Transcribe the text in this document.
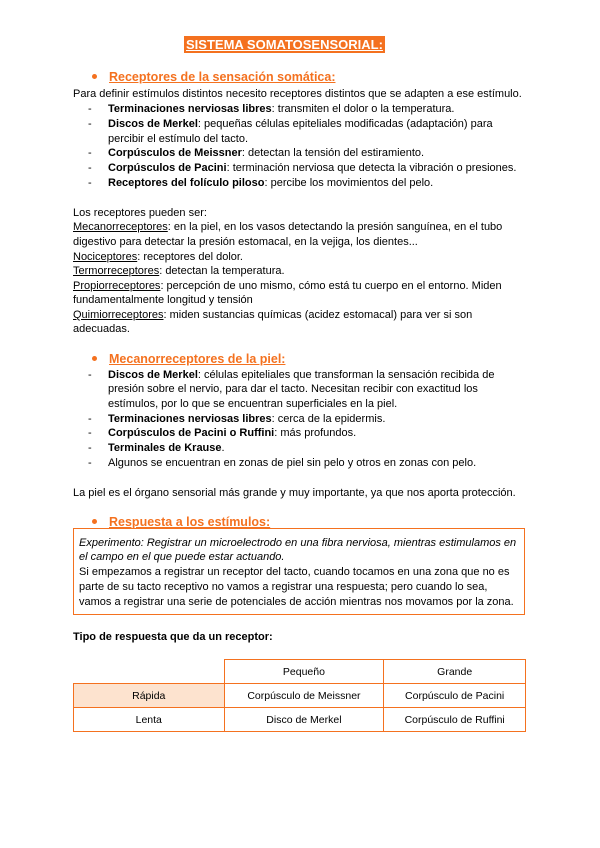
SISTEMA SOMATOSENSORIAL:
Receptores de la sensación somática:
Para definir estímulos distintos necesito receptores distintos que se adapten a ese estímulo.
- Terminaciones nerviosas libres: transmiten el dolor o la temperatura.
- Discos de Merkel: pequeñas células epiteliales modificadas (adaptación) para
percibir el estímulo del tacto.
- Corpúsculos de Meissner: detectan la tensión del estiramiento.
- Corpúsculos de Pacini: terminación nerviosa que detecta la vibración o presiones.
- Receptores del folículo piloso: percibe los movimientos del pelo.
Los receptores pueden ser:
Mecanorreceptores: en la piel, en los vasos detectando la presión sanguínea, en el tubo
digestivo para detectar la presión estomacal, en la vejiga, los dientes...
Nociceptores: receptores del dolor.
Termorreceptores: detectan la temperatura.
Propiorreceptores: percepción de uno mismo, cómo está tu cuerpo en el entorno. Miden
fundamentalmente longitud y tensión
Quimiorreceptores: miden sustancias químicas (acidez estomacal) para ver si son
adecuadas.
Mecanorreceptores de la piel:
- Discos de Merkel: células epiteliales que transforman la sensación recibida de
presión sobre el nervio, para dar el tacto. Necesitan recibir con exactitud los
estímulos, por lo que se encuentran superficiales en la piel.
- Terminaciones nerviosas libres: cerca de la epidermis.
- Corpúsculos de Pacini o Ruffini: más profundos.
- Terminales de Krause.
- Algunos se encuentran en zonas de piel sin pelo y otros en zonas con pelo.
La piel es el órgano sensorial más grande y muy importante, ya que nos aporta protección.
Respuesta a los estímulos:
Experimento: Registrar un microelectrodo en una fibra nerviosa, mientras estimulamos en
el campo en el que puede estar actuando.
Si empezamos a registrar un receptor del tacto, cuando tocamos en una zona que no es
parte de su tacto receptivo no vamos a registrar una respuesta; pero cuando lo sea,
vamos a registrar una serie de potenciales de acción mientras nos movamos por la zona.
Tipo de respuesta que da un receptor:
	Pequeño	Grande
Rápida	Corpúsculo de Meissner	Corpúsculo de Pacini
Lenta	Disco de Merkel	Corpúsculo de Ruffini
